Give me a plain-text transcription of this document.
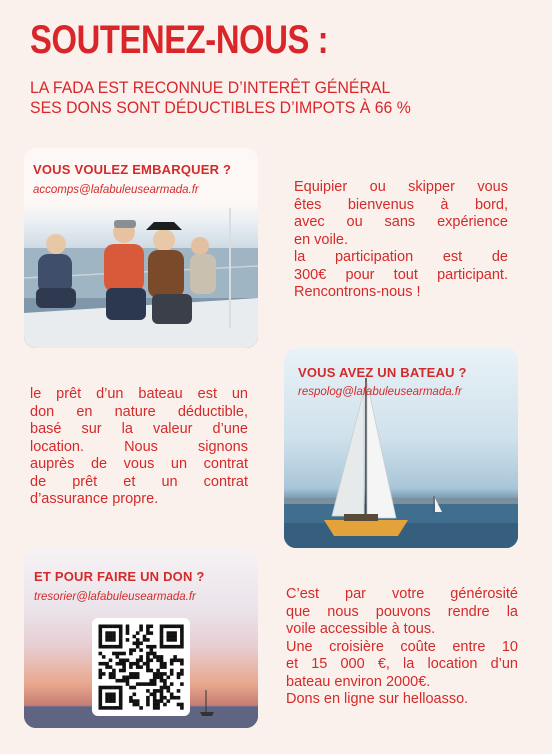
SOUTENEZ-NOUS :
LA FADA EST RECONNUE D’INTERÊT GÉNÉRAL
SES DONS SONT DÉDUCTIBLES D’IMPOTS À 66 %
VOUS VOULEZ EMBARQUER ?
accomps@lafabuleusearmada.fr	Equipier ou skipper vous
êtes bienvenus à bord,
avec ou sans expérience
en voile.
la participation est de
300€ pour tout participant.
Rencontrons-nous !
VOUS AVEZ UN BATEAU ?
respolog@lafabuleusearmada.fr
le prêt d’un bateau est un
don en nature déductible,
basé sur la valeur d’une
location. Nous signons
auprès de vous un contrat
de prêt et un contrat
d’assurance propre.
ET POUR FAIRE UN DON ?
tresorier@lafabuleusearmada.fr	C’est par votre générosité
que nous pouvons rendre la
voile accessible à tous.
Une croisière coûte entre 10
et 15 000 €, la location d’un
bateau environ 2000€.
Dons en ligne sur helloasso.
